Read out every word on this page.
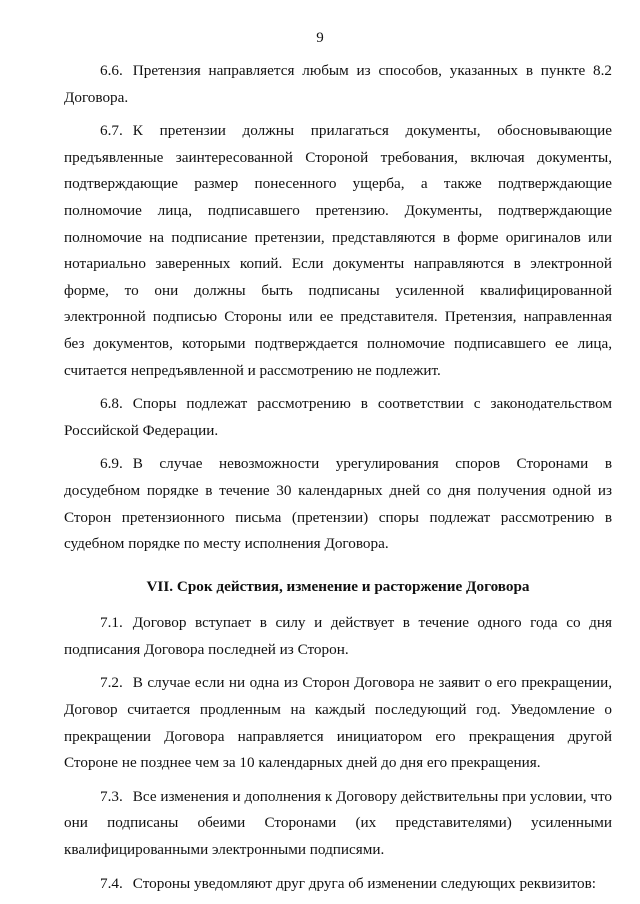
9

6.6. Претензия направляется любым из способов, указанных в пункте 8.2 Договора.

6.7. К претензии должны прилагаться документы, обосновывающие предъявленные заинтересованной Стороной требования, включая документы, подтверждающие размер понесенного ущерба, а также подтверждающие полномочие лица, подписавшего претензию. Документы, подтверждающие полномочие на подписание претензии, представляются в форме оригиналов или нотариально заверенных копий. Если документы направляются в электронной форме, то они должны быть подписаны усиленной квалифицированной электронной подписью Стороны или ее представителя. Претензия, направленная без документов, которыми подтверждается полномочие подписавшего ее лица, считается непредъявленной и рассмотрению не подлежит.

6.8. Споры подлежат рассмотрению в соответствии с законодательством Российской Федерации.

6.9. В случае невозможности урегулирования споров Сторонами в досудебном порядке в течение 30 календарных дней со дня получения одной из Сторон претензионного письма (претензии) споры подлежат рассмотрению в судебном порядке по месту исполнения Договора.

VII. Срок действия, изменение и расторжение Договора

7.1. Договор вступает в силу и действует в течение одного года со дня подписания Договора последней из Сторон.

7.2. В случае если ни одна из Сторон Договора не заявит о его прекращении, Договор считается продленным на каждый последующий год. Уведомление о прекращении Договора направляется инициатором его прекращения другой Стороне не позднее чем за 10 календарных дней до дня его прекращения.

7.3. Все изменения и дополнения к Договору действительны при условии, что они подписаны обеими Сторонами (их представителями) усиленными квалифицированными электронными подписями.

7.4. Стороны уведомляют друг друга об изменении следующих реквизитов:
